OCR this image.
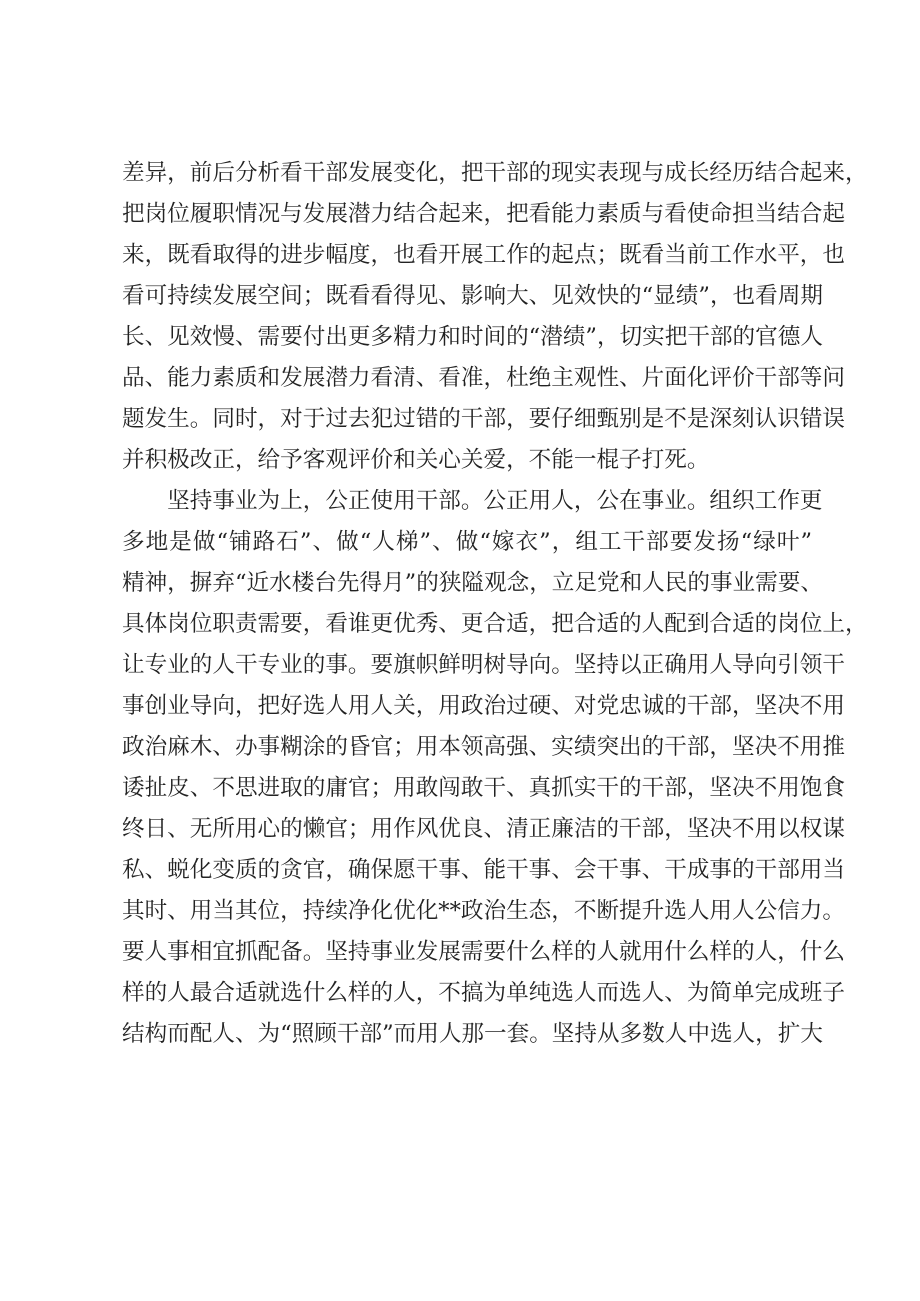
差异，前后分析看干部发展变化，把干部的现实表现与成长经历结合起来，
把岗位履职情况与发展潜力结合起来，把看能力素质与看使命担当结合起
来，既看取得的进步幅度，也看开展工作的起点；既看当前工作水平，也
看可持续发展空间；既看看得见、影响大、见效快的“显绩”，也看周期
长、见效慢、需要付出更多精力和时间的“潜绩”，切实把干部的官德人
品、能力素质和发展潜力看清、看准，杜绝主观性、片面化评价干部等问
题发生。同时，对于过去犯过错的干部，要仔细甄别是不是深刻认识错误
并积极改正，给予客观评价和关心关爱，不能一棍子打死。
　　坚持事业为上，公正使用干部。公正用人，公在事业。组织工作更
多地是做“铺路石”、做“人梯”、做“嫁衣”，组工干部要发扬“绿叶”
精神，摒弃“近水楼台先得月”的狭隘观念，立足党和人民的事业需要、
具体岗位职责需要，看谁更优秀、更合适，把合适的人配到合适的岗位上，
让专业的人干专业的事。要旗帜鲜明树导向。坚持以正确用人导向引领干
事创业导向，把好选人用人关，用政治过硬、对党忠诚的干部，坚决不用
政治麻木、办事糊涂的昏官；用本领高强、实绩突出的干部，坚决不用推
诿扯皮、不思进取的庸官；用敢闯敢干、真抓实干的干部，坚决不用饱食
终日、无所用心的懒官；用作风优良、清正廉洁的干部，坚决不用以权谋
私、蜕化变质的贪官，确保愿干事、能干事、会干事、干成事的干部用当
其时、用当其位，持续净化优化**政治生态，不断提升选人用人公信力。
要人事相宜抓配备。坚持事业发展需要什么样的人就用什么样的人，什么
样的人最合适就选什么样的人，不搞为单纯选人而选人、为简单完成班子
结构而配人、为“照顾干部”而用人那一套。坚持从多数人中选人，扩大
